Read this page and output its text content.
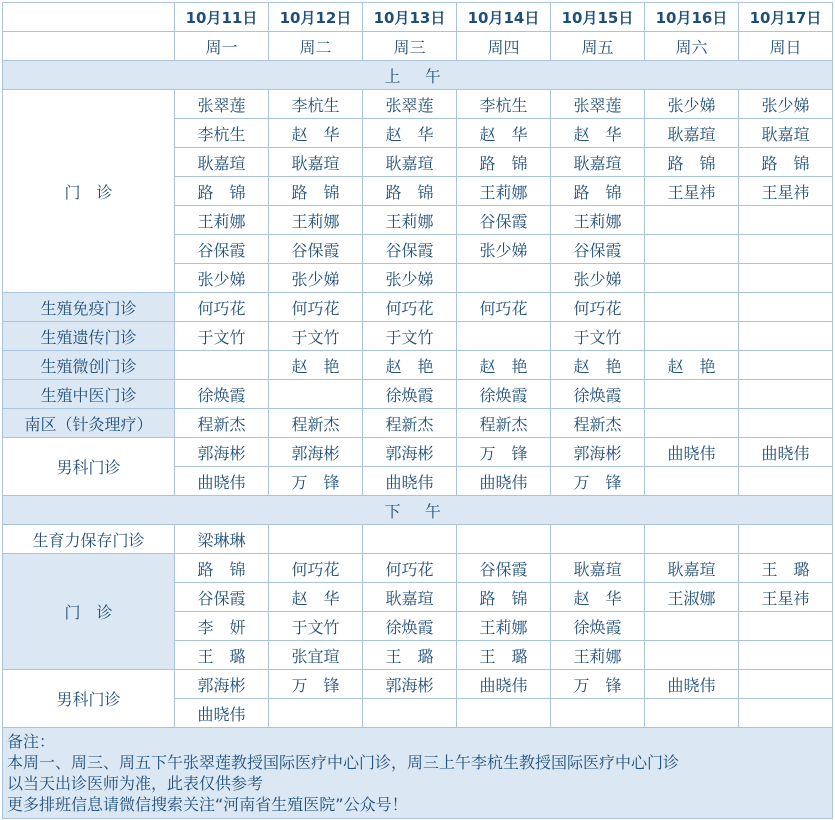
	10月11日	10月12日	10月13日	10月14日	10月15日	10月16日	10月17日
	周一	周二	周三	周四	周五	周六	周日
上 午							
门　诊	张翠莲	李杭生	张翠莲	李杭生	张翠莲	张少娣	张少娣
	李杭生	赵　华	赵　华	赵　华	赵　华	耿嘉瑄	耿嘉瑄
	耿嘉瑄	耿嘉瑄	耿嘉瑄	路　锦	耿嘉瑄	路　锦	路　锦
	路　锦	路　锦	路　锦	王莉娜	路　锦	王星祎	王星祎
	王莉娜	王莉娜	王莉娜	谷保霞	王莉娜		
	谷保霞	谷保霞	谷保霞	张少娣	谷保霞		
	张少娣	张少娣	张少娣		张少娣		
生殖免疫门诊	何巧花	何巧花	何巧花	何巧花	何巧花		
生殖遗传门诊	于文竹	于文竹	于文竹		于文竹		
生殖微创门诊		赵　艳	赵　艳	赵　艳	赵　艳	赵　艳	
生殖中医门诊	徐焕霞		徐焕霞	徐焕霞	徐焕霞		
南区（针灸理疗）	程新杰	程新杰	程新杰	程新杰	程新杰		
男科门诊	郭海彬	郭海彬	郭海彬	万　锋	郭海彬	曲晓伟	曲晓伟
	曲晓伟	万　锋	曲晓伟	曲晓伟	万　锋		
下 午							
生育力保存门诊	梁琳琳						
门　诊	路　锦	何巧花	何巧花	谷保霞	耿嘉瑄	耿嘉瑄	王　璐
	谷保霞	赵　华	耿嘉瑄	路　锦	赵　华	王淑娜	王星祎
	李　妍	于文竹	徐焕霞	王莉娜	徐焕霞		
	王　璐	张宜瑄	王　璐	王　璐	王莉娜		
男科门诊	郭海彬	万　锋	郭海彬	曲晓伟	万　锋	曲晓伟	
	曲晓伟						

备注：
本周一、周三、周五下午张翠莲教授国际医疗中心门诊，周三上午李杭生教授国际医疗中心门诊
以当天出诊医师为准，此表仅供参考
更多排班信息请微信搜索关注“河南省生殖医院”公众号！							
